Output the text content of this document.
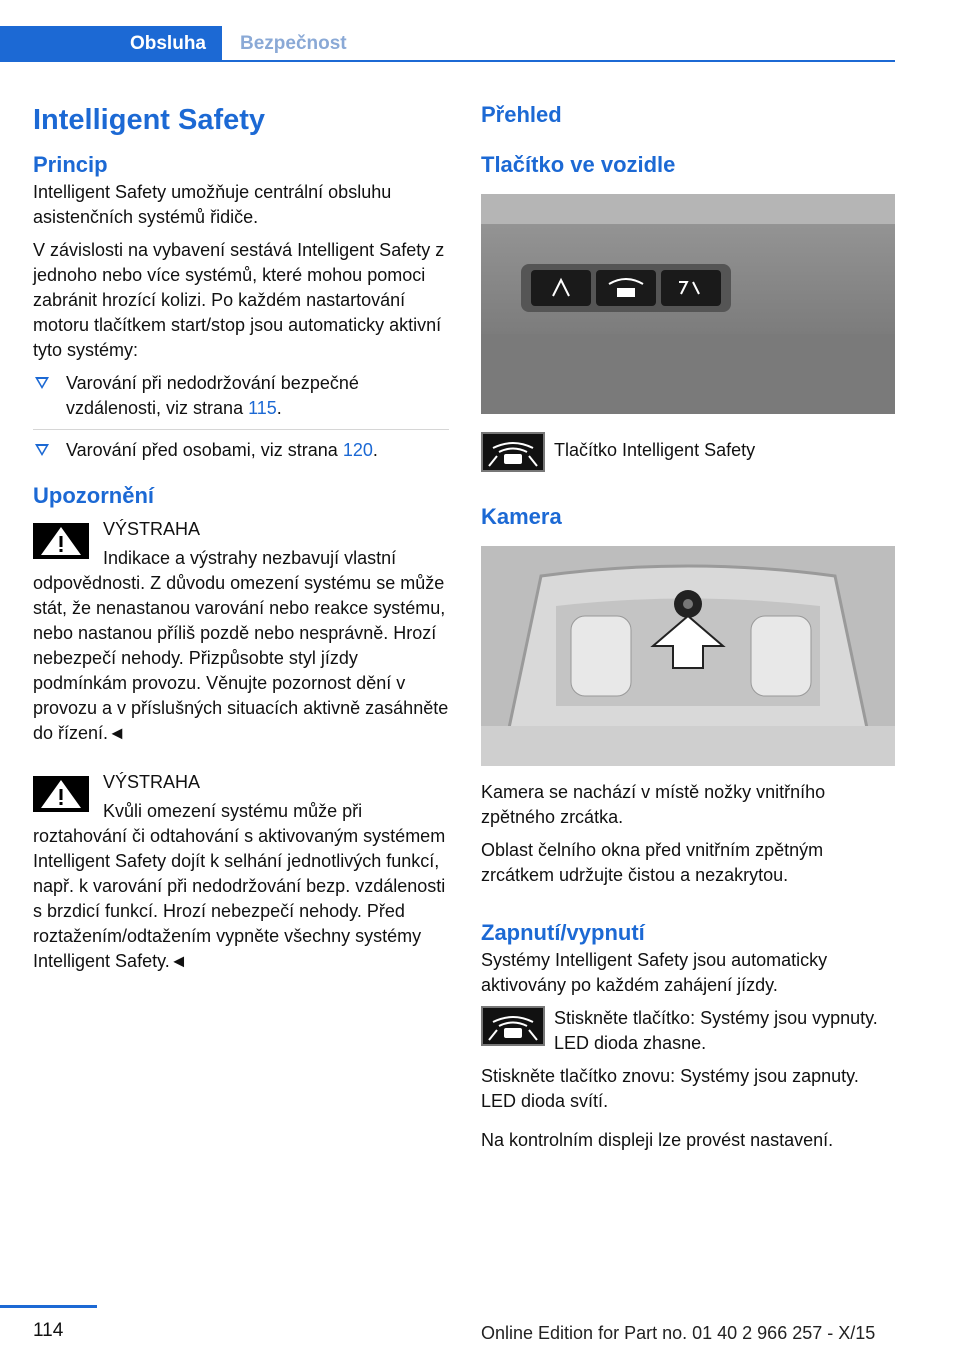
Obsluha Bezpečnost
Intelligent Safety
Princip

Intelligent Safety umožňuje centrální obsluhu asistenčních systémů řidiče.

V závislosti na vybavení sestává Intelligent Safety z jednoho nebo více systémů, které mohou pomoci zabránit hrozící kolizi. Po každém nastartování motoru tlačítkem start/stop jsou automaticky aktivní tyto systémy:

Varování při nedodržování bezpečné vzdálenosti, viz strana 115.
Varování před osobami, viz strana 120.
Upozornění
VÝSTRAHA
Indikace a výstrahy nezbavují vlastní odpovědnosti. Z důvodu omezení systému se může stát, že nenastanou varování nebo reakce systému, nebo nastanou příliš pozdě nebo nesprávně. Hrozí nebezpečí nehody. Přizpůsobte styl jízdy podmínkám provozu. Věnujte pozornost dění v provozu a v příslušných situacích aktivně zasáhněte do řízení.◄
VÝSTRAHA
Kvůli omezení systému může při roztahování či odtahování s aktivovaným systémem Intelligent Safety dojít k selhání jednotlivých funkcí, např. k varování při nedodržování bezp. vzdálenosti s brzdicí funkcí. Hrozí nebezpečí nehody. Před roztažením/odtažením vypněte všechny systémy Intelligent Safety.◄
Přehled
Tlačítko ve vozidle

Tlačítko Intelligent Safety

Kamera

Kamera se nachází v místě nožky vnitřního zpětného zrcátka.

Oblast čelního okna před vnitřním zpětným zrcátkem udržujte čistou a nezakrytou.

Zapnutí/vypnutí

Systémy Intelligent Safety jsou automaticky aktivovány po každém zahájení jízdy.

Stiskněte tlačítko: Systémy jsou vypnuty. LED dioda zhasne.

Stiskněte tlačítko znovu: Systémy jsou zapnuty. LED dioda svítí.

Na kontrolním displeji lze provést nastavení.

114	Online Edition for Part no. 01 40 2 966 257 - X/15
